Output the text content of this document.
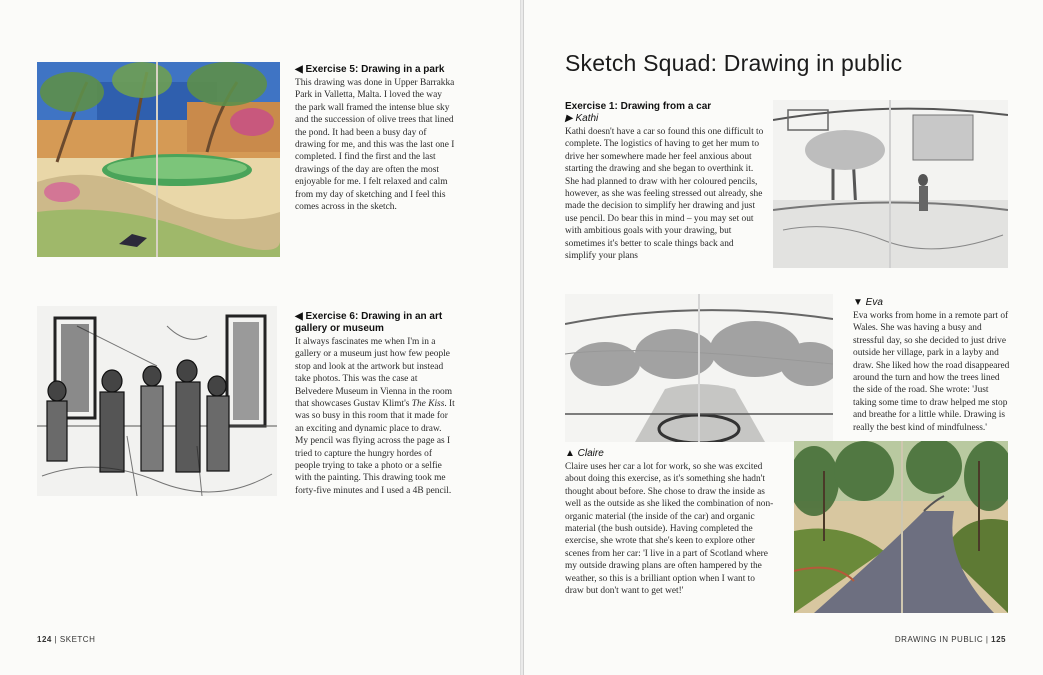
◀ Exercise 5: Drawing in a park

This drawing was done in Upper Barrakka Park in Valletta, Malta. I loved the way the park wall framed the intense blue sky and the succession of olive trees that lined the pond. It had been a busy day of drawing for me, and this was the last one I completed. I find the first and the last drawings of the day are often the most enjoyable for me. I felt relaxed and calm from my day of sketching and I feel this comes across in the sketch.

◀ Exercise 6: Drawing in an art gallery or museum

It always fascinates me when I'm in a gallery or a museum just how few people stop and look at the artwork but instead take photos. This was the case at Belvedere Museum in Vienna in the room that showcases Gustav Klimt's The Kiss. It was so busy in this room that it made for an exciting and dynamic place to draw. My pencil was flying across the page as I tried to capture the hungry hordes of people trying to take a photo or a selfie with the painting. This drawing took me forty-five minutes and I used a 4B pencil.

124 | SKETCH
Sketch Squad: Drawing in public
Exercise 1: Drawing from a car
▶ Kathi

Kathi doesn't have a car so found this one difficult to complete. The logistics of having to get her mum to drive her somewhere made her feel anxious about starting the drawing and she began to overthink it. She had planned to draw with her coloured pencils, however, as she was feeling stressed out already, she made the decision to simplify her drawing and just use pencil. Do bear this in mind – you may set out with ambitious goals with your drawing, but sometimes it's better to scale things back and simplify your plans

▼ Eva

Eva works from home in a remote part of Wales. She was having a busy and stressful day, so she decided to just drive outside her village, park in a layby and draw. She liked how the road disappeared around the turn and how the trees lined the side of the road. She wrote: 'Just taking some time to draw helped me stop and breathe for a little while. Drawing is really the best kind of mindfulness.'

▲ Claire

Claire uses her car a lot for work, so she was excited about doing this exercise, as it's something she hadn't thought about before. She chose to draw the inside as well as the outside as she liked the combination of non-organic material (the inside of the car) and organic material (the bush outside). Having completed the exercise, she wrote that she's keen to explore other scenes from her car: 'I live in a part of Scotland where my outside drawing plans are often hampered by the weather, so this is a brilliant option when I want to draw but don't want to get wet!'

DRAWING IN PUBLIC | 125
